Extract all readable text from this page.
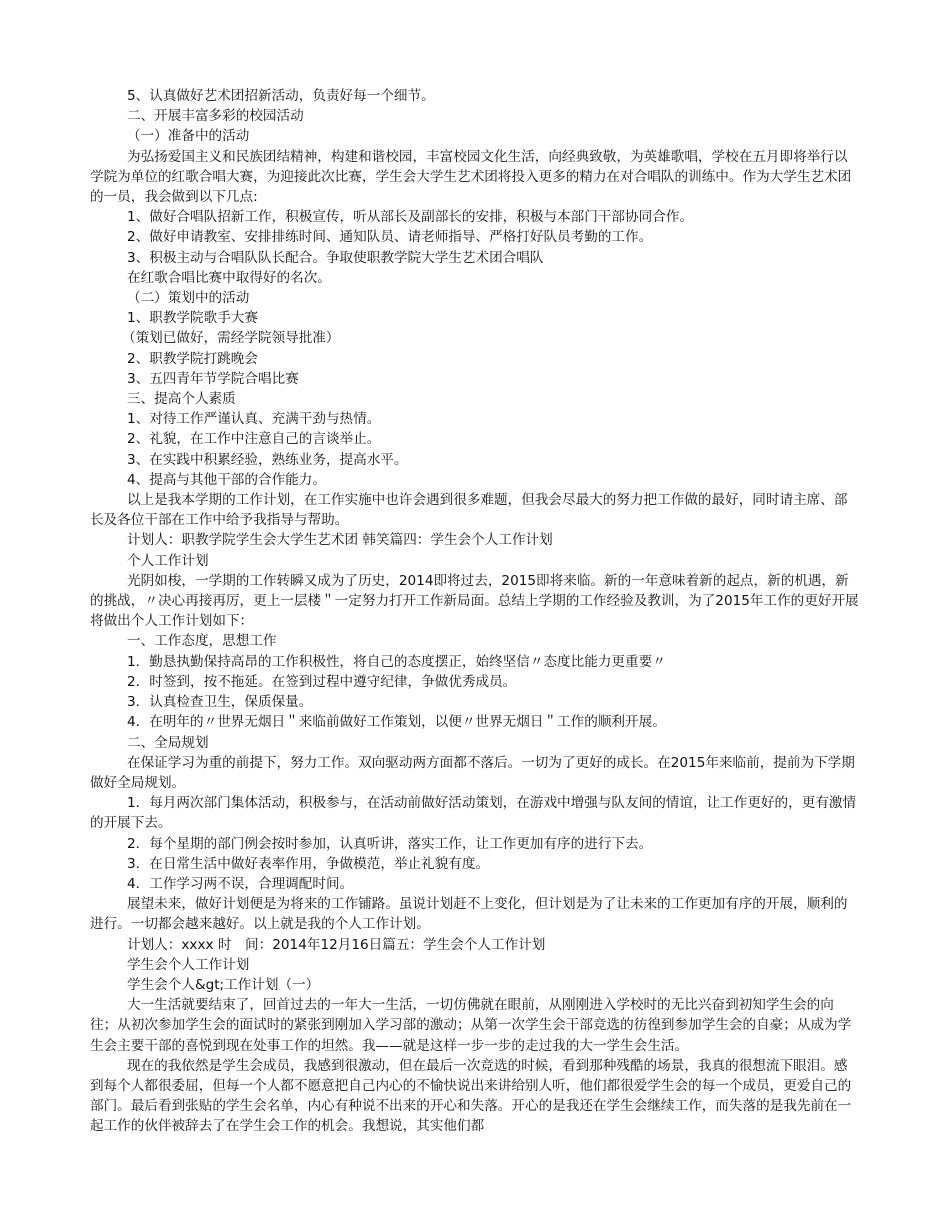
5、认真做好艺术团招新活动，负责好每一个细节。

二、开展丰富多彩的校园活动

（一）准备中的活动

为弘扬爱国主义和民族团结精神，构建和谐校园，丰富校园文化生活，向经典致敬，为英雄歌唱，学校在五月即将举行以学院为单位的红歌合唱大赛，为迎接此次比赛，学生会大学生艺术团将投入更多的精力在对合唱队的训练中。作为大学生艺术团的一员，我会做到以下几点:

1、做好合唱队招新工作，积极宣传，听从部长及副部长的安排，积极与本部门干部协同合作。

2、做好申请教室、安排排练时间、通知队员、请老师指导、严格打好队员考勤的工作。

3、积极主动与合唱队队长配合。争取使职教学院大学生艺术团合唱队

在红歌合唱比赛中取得好的名次。

（二）策划中的活动

1、职教学院歌手大赛

（策划已做好，需经学院领导批准）

2、职教学院打跳晚会

3、五四青年节学院合唱比赛

三、提高个人素质

1、对待工作严谨认真、充满干劲与热情。

2、礼貌，在工作中注意自己的言谈举止。

3、在实践中积累经验，熟练业务，提高水平。

4、提高与其他干部的合作能力。

以上是我本学期的工作计划，在工作实施中也许会遇到很多难题，但我会尽最大的努力把工作做的最好，同时请主席、部长及各位干部在工作中给予我指导与帮助。

计划人：职教学院学生会大学生艺术团 韩笑篇四：学生会个人工作计划

个人工作计划

光阴如梭，一学期的工作转瞬又成为了历史，2014即将过去，2015即将来临。新的一年意味着新的起点，新的机遇，新的挑战，〃决心再接再厉，更上一层楼＂一定努力打开工作新局面。总结上学期的工作经验及教训，为了2015年工作的更好开展将做出个人工作计划如下：

一、工作态度，思想工作

1．勤恳执勤保持高昂的工作积极性，将自己的态度摆正，始终坚信〃态度比能力更重要〃

2．时签到，按不拖延。在签到过程中遵守纪律，争做优秀成员。

3．认真检查卫生，保质保量。

4．在明年的〃世界无烟日＂来临前做好工作策划，以便〃世界无烟日＂工作的顺利开展。

二、全局规划

在保证学习为重的前提下，努力工作。双向驱动两方面都不落后。一切为了更好的成长。在2015年来临前，提前为下学期做好全局规划。

1．每月两次部门集体活动，积极参与，在活动前做好活动策划，在游戏中增强与队友间的情谊，让工作更好的，更有激情的开展下去。

2．每个星期的部门例会按时参加，认真听讲，落实工作，让工作更加有序的进行下去。

3．在日常生活中做好表率作用，争做模范，举止礼貌有度。

4．工作学习两不误，合理调配时间。

展望未来，做好计划便是为将来的工作铺路。虽说计划赶不上变化，但计划是为了让未来的工作更加有序的开展，顺利的进行。一切都会越来越好。以上就是我的个人工作计划。

计划人：xxxx 时　间：2014年12月16日篇五：学生会个人工作计划

学生会个人工作计划

学生会个人&gt;工作计划（一）

大一生活就要结束了，回首过去的一年大一生活，一切仿佛就在眼前，从刚刚进入学校时的无比兴奋到初知学生会的向往；从初次参加学生会的面试时的紧张到刚加入学习部的激动；从第一次学生会干部竞选的彷徨到参加学生会的自豪；从成为学生会主要干部的喜悦到现在处事工作的坦然。我——就是这样一步一步的走过我的大一学生会生活。

现在的我依然是学生会成员，我感到很激动，但在最后一次竞选的时候，看到那种残酷的场景，我真的很想流下眼泪。感到每个人都很委屈，但每一个人都不愿意把自己内心的不愉快说出来讲给别人听，他们都很爱学生会的每一个成员，更爱自己的部门。最后看到张贴的学生会名单，内心有种说不出来的开心和失落。开心的是我还在学生会继续工作，而失落的是我先前在一起工作的伙伴被辞去了在学生会工作的机会。我想说，其实他们都
